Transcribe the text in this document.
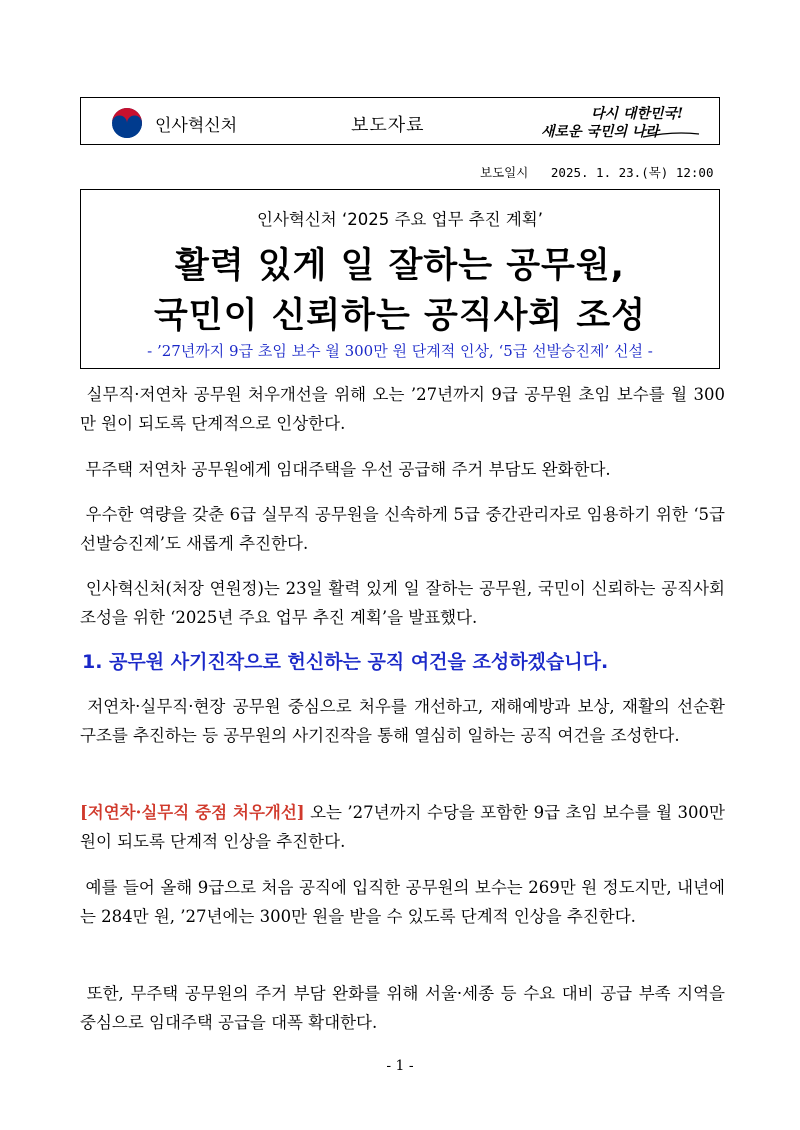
인사혁신처	보도자료
다시 대한민국!
새로운 국민의 나라
보도일시 2025. 1. 23.(목) 12:00
인사혁신처 ‘2025 주요 업무 추진 계획’
활력 있게 일 잘하는 공무원,
국민이 신뢰하는 공직사회 조성
- ’27년까지 9급 초임 보수 월 300만 원 단계적 인상, ‘5급 선발승진제’ 신설 -

실무직·저연차 공무원 처우개선을 위해 오는 ’27년까지 9급 공무원 초임 보수를 월 300만 원이 되도록 단계적으로 인상한다.

무주택 저연차 공무원에게 임대주택을 우선 공급해 주거 부담도 완화한다.

우수한 역량을 갖춘 6급 실무직 공무원을 신속하게 5급 중간관리자로 임용하기 위한 ‘5급 선발승진제’도 새롭게 추진한다.

인사혁신처(처장 연원정)는 23일 활력 있게 일 잘하는 공무원, 국민이 신뢰하는 공직사회 조성을 위한 ‘2025년 주요 업무 추진 계획’을 발표했다.

1. 공무원 사기진작으로 헌신하는 공직 여건을 조성하겠습니다.

저연차·실무직·현장 공무원 중심으로 처우를 개선하고, 재해예방과 보상, 재활의 선순환 구조를 추진하는 등 공무원의 사기진작을 통해 열심히 일하는 공직 여건을 조성한다.

[저연차·실무직 중점 처우개선] 오는 ’27년까지 수당을 포함한 9급 초임 보수를 월 300만 원이 되도록 단계적 인상을 추진한다.

예를 들어 올해 9급으로 처음 공직에 입직한 공무원의 보수는 269만 원 정도지만, 내년에는 284만 원, ’27년에는 300만 원을 받을 수 있도록 단계적 인상을 추진한다.

또한, 무주택 공무원의 주거 부담 완화를 위해 서울·세종 등 수요 대비 공급 부족 지역을 중심으로 임대주택 공급을 대폭 확대한다.

- 1 -
